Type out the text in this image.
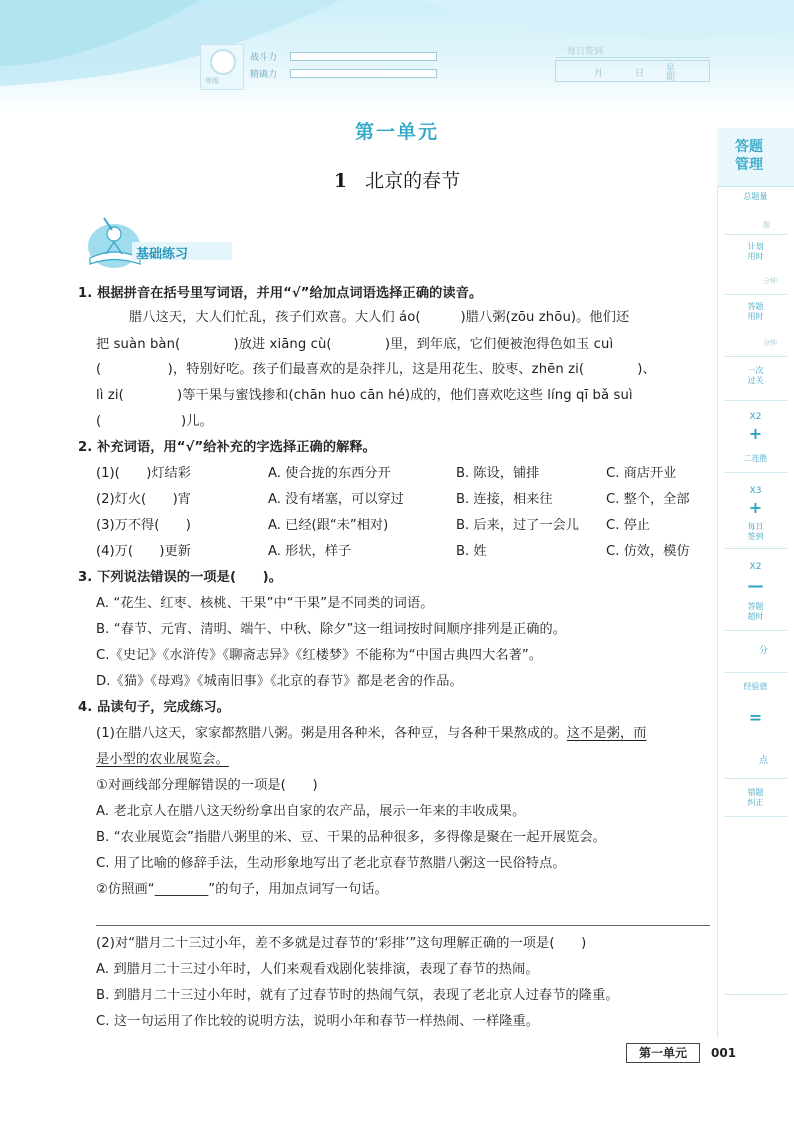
等级
战斗力
精确力
每日签到
月	日 星
期
第一单元
1 北京的春节
基础练习
1. 根据拼音在括号里写词语，并用“√”给加点词语选择正确的读音。
腊八这天，大人们忙乱，孩子们欢喜。大人们 áo(　　　)腊八粥(zōu zhōu)。他们还
把 suàn bàn(　　　　)放进 xiāng cù(　　　　)里，到年底，它们便被泡得色如玉 cuì
(　　　　　)，特别好吃。孩子们最喜欢的是杂拌儿，这是用花生、胶枣、zhēn zi(　　　　)、
lì zi(　　　　)等干果与蜜饯掺和(chān huo cān hé)成的，他们喜欢吃这些 líng qī bǎ suì
(　　　　　　)儿。
2. 补充词语，用“√”给补充的字选择正确的解释。
(1)(　　)灯结彩	A. 使合拢的东西分开	B. 陈设，铺排	C. 商店开业
(2)灯火(　　)宵	A. 没有堵塞，可以穿过	B. 连接，相来往	C. 整个，全部
(3)万不得(　　)	A. 已经(跟“未”相对)	B. 后来，过了一会儿 C. 停止
(4)万(　　)更新	A. 形状，样子	B. 姓	C. 仿效，模仿
3. 下列说法错误的一项是(　　)。
A. “花生、红枣、核桃、干果”中“干果”是不同类的词语。
B. “春节、元宵、清明、端午、中秋、除夕”这一组词按时间顺序排列是正确的。
C.《史记》《水浒传》《聊斋志异》《红楼梦》不能称为“中国古典四大名著”。
D.《猫》《母鸡》《城南旧事》《北京的春节》都是老舍的作品。
4. 品读句子，完成练习。
(1)在腊八这天，家家都熬腊八粥。粥是用各种米，各种豆，与各种干果熬成的。这不是粥，而
是小型的农业展览会。
①对画线部分理解错误的一项是(　　)
A. 老北京人在腊八这天纷纷拿出自家的农产品，展示一年来的丰收成果。
B. “农业展览会”指腊八粥里的米、豆、干果的品种很多，多得像是聚在一起开展览会。
C. 用了比喻的修辞手法，生动形象地写出了老北京春节熬腊八粥这一民俗特点。
②仿照画“________”的句子，用加点词写一句话。
(2)对“腊月二十三过小年，差不多就是过春节的‘彩排’”这句理解正确的一项是(　　)
A. 到腊月二十三过小年时，人们来观看戏剧化装排演，表现了春节的热闹。
B. 到腊月二十三过小年时，就有了过春节时的热闹气氛，表现了老北京人过春节的隆重。
C. 这一句运用了作比较的说明方法，说明小年和春节一样热闹、一样隆重。
答题
管理
总题量
题
计划
用时
分钟
答题
用时
分钟
一次
过关
X2
+
二连胜
X3
+
每日
签到
X2
—
答题
超时
分
经验值
=
点
错题
纠正
第一单元	001
